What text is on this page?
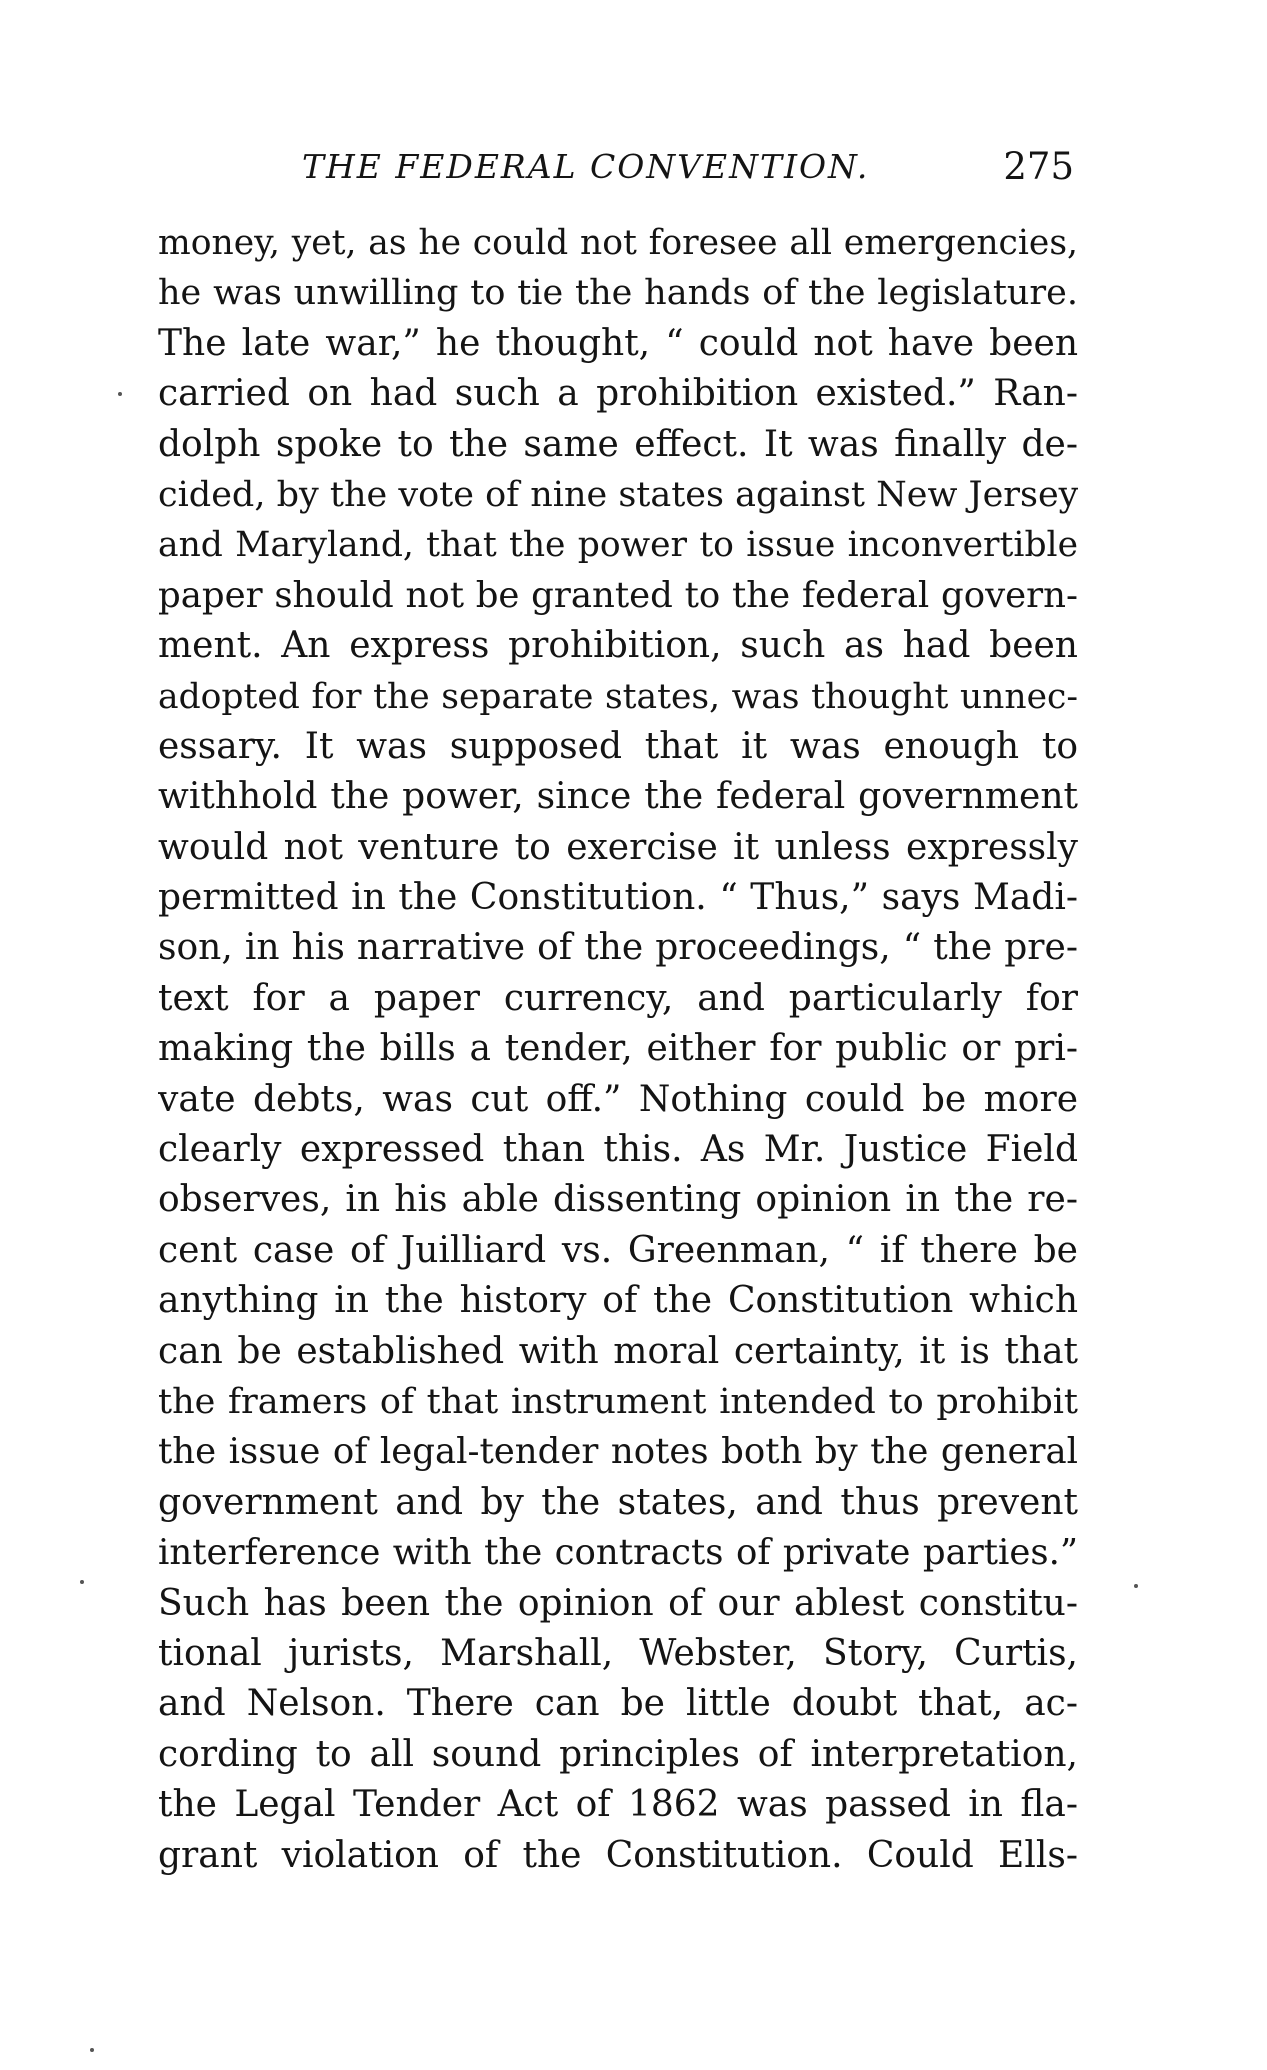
THE FEDERAL CONVENTION.	275
money, yet, as he could not foresee all emergencies,
he was unwilling to tie the hands of the legislature.
The late war,” he thought, “ could not have been
carried on had such a prohibition existed.” Ran-
dolph spoke to the same effect. It was finally de-
cided, by the vote of nine states against New Jersey
and Maryland, that the power to issue inconvertible
paper should not be granted to the federal govern-
ment. An express prohibition, such as had been
adopted for the separate states, was thought unnec-
essary. It was supposed that it was enough to
withhold the power, since the federal government
would not venture to exercise it unless expressly
permitted in the Constitution. “ Thus,” says Madi-
son, in his narrative of the proceedings, “ the pre-
text for a paper currency, and particularly for
making the bills a tender, either for public or pri-
vate debts, was cut off.” Nothing could be more
clearly expressed than this. As Mr. Justice Field
observes, in his able dissenting opinion in the re-
cent case of Juilliard vs. Greenman, “ if there be
anything in the history of the Constitution which
can be established with moral certainty, it is that
the framers of that instrument intended to prohibit
the issue of legal-tender notes both by the general
government and by the states, and thus prevent
interference with the contracts of private parties.”
Such has been the opinion of our ablest constitu-
tional jurists, Marshall, Webster, Story, Curtis,
and Nelson. There can be little doubt that, ac-
cording to all sound principles of interpretation,
the Legal Tender Act of 1862 was passed in fla-
grant violation of the Constitution. Could Ells-
